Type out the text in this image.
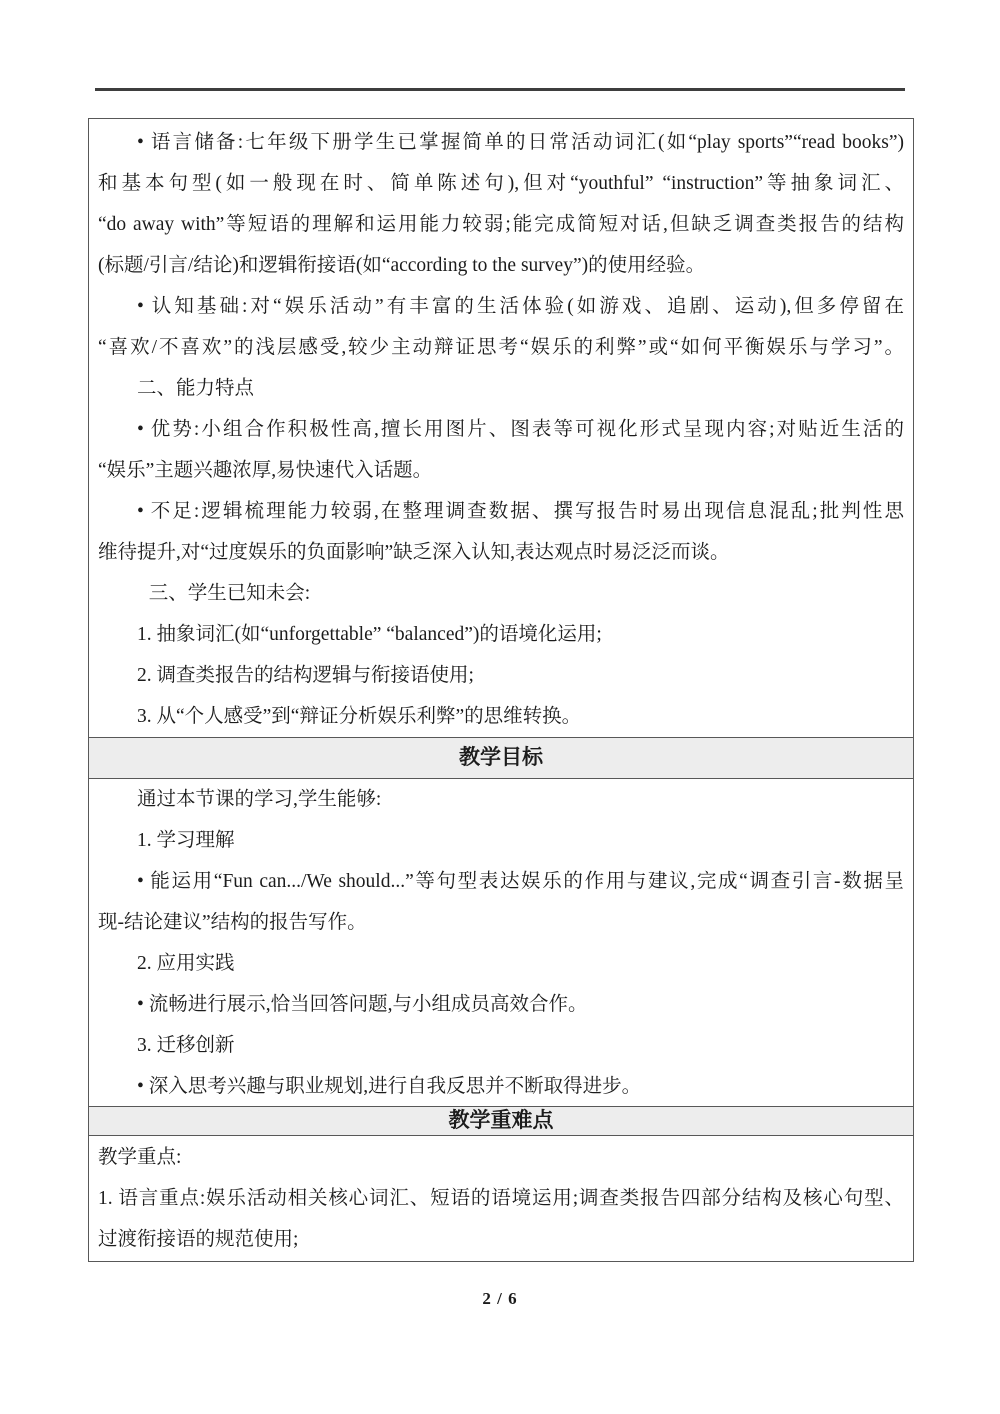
• 语言储备:七年级下册学生已掌握简单的日常活动词汇(如“play sports”“read books”)
和基本句型(如一般现在时、简单陈述句),但对“youthful” “instruction”等抽象词汇、
“do away with”等短语的理解和运用能力较弱;能完成简短对话,但缺乏调查类报告的结构
(标题/引言/结论)和逻辑衔接语(如“according to the survey”)的使用经验。
• 认知基础:对“娱乐活动”有丰富的生活体验(如游戏、追剧、运动),但多停留在
“喜欢/不喜欢”的浅层感受,较少主动辩证思考“娱乐的利弊”或“如何平衡娱乐与学习”。
二、能力特点
• 优势:小组合作积极性高,擅长用图片、图表等可视化形式呈现内容;对贴近生活的
“娱乐”主题兴趣浓厚,易快速代入话题。
• 不足:逻辑梳理能力较弱,在整理调查数据、撰写报告时易出现信息混乱;批判性思
维待提升,对“过度娱乐的负面影响”缺乏深入认知,表达观点时易泛泛而谈。
三、学生已知未会:
1. 抽象词汇(如“unforgettable” “balanced”)的语境化运用;
2. 调查类报告的结构逻辑与衔接语使用;
3. 从“个人感受”到“辩证分析娱乐利弊”的思维转换。
教学目标
通过本节课的学习,学生能够:
1. 学习理解
• 能运用“Fun can.../We should...”等句型表达娱乐的作用与建议,完成“调查引言-数据呈
现-结论建议”结构的报告写作。
2. 应用实践
• 流畅进行展示,恰当回答问题,与小组成员高效合作。
3. 迁移创新
• 深入思考兴趣与职业规划,进行自我反思并不断取得进步。
教学重难点
教学重点:
1. 语言重点:娱乐活动相关核心词汇、短语的语境运用;调查类报告四部分结构及核心句型、
过渡衔接语的规范使用;
2 / 6
